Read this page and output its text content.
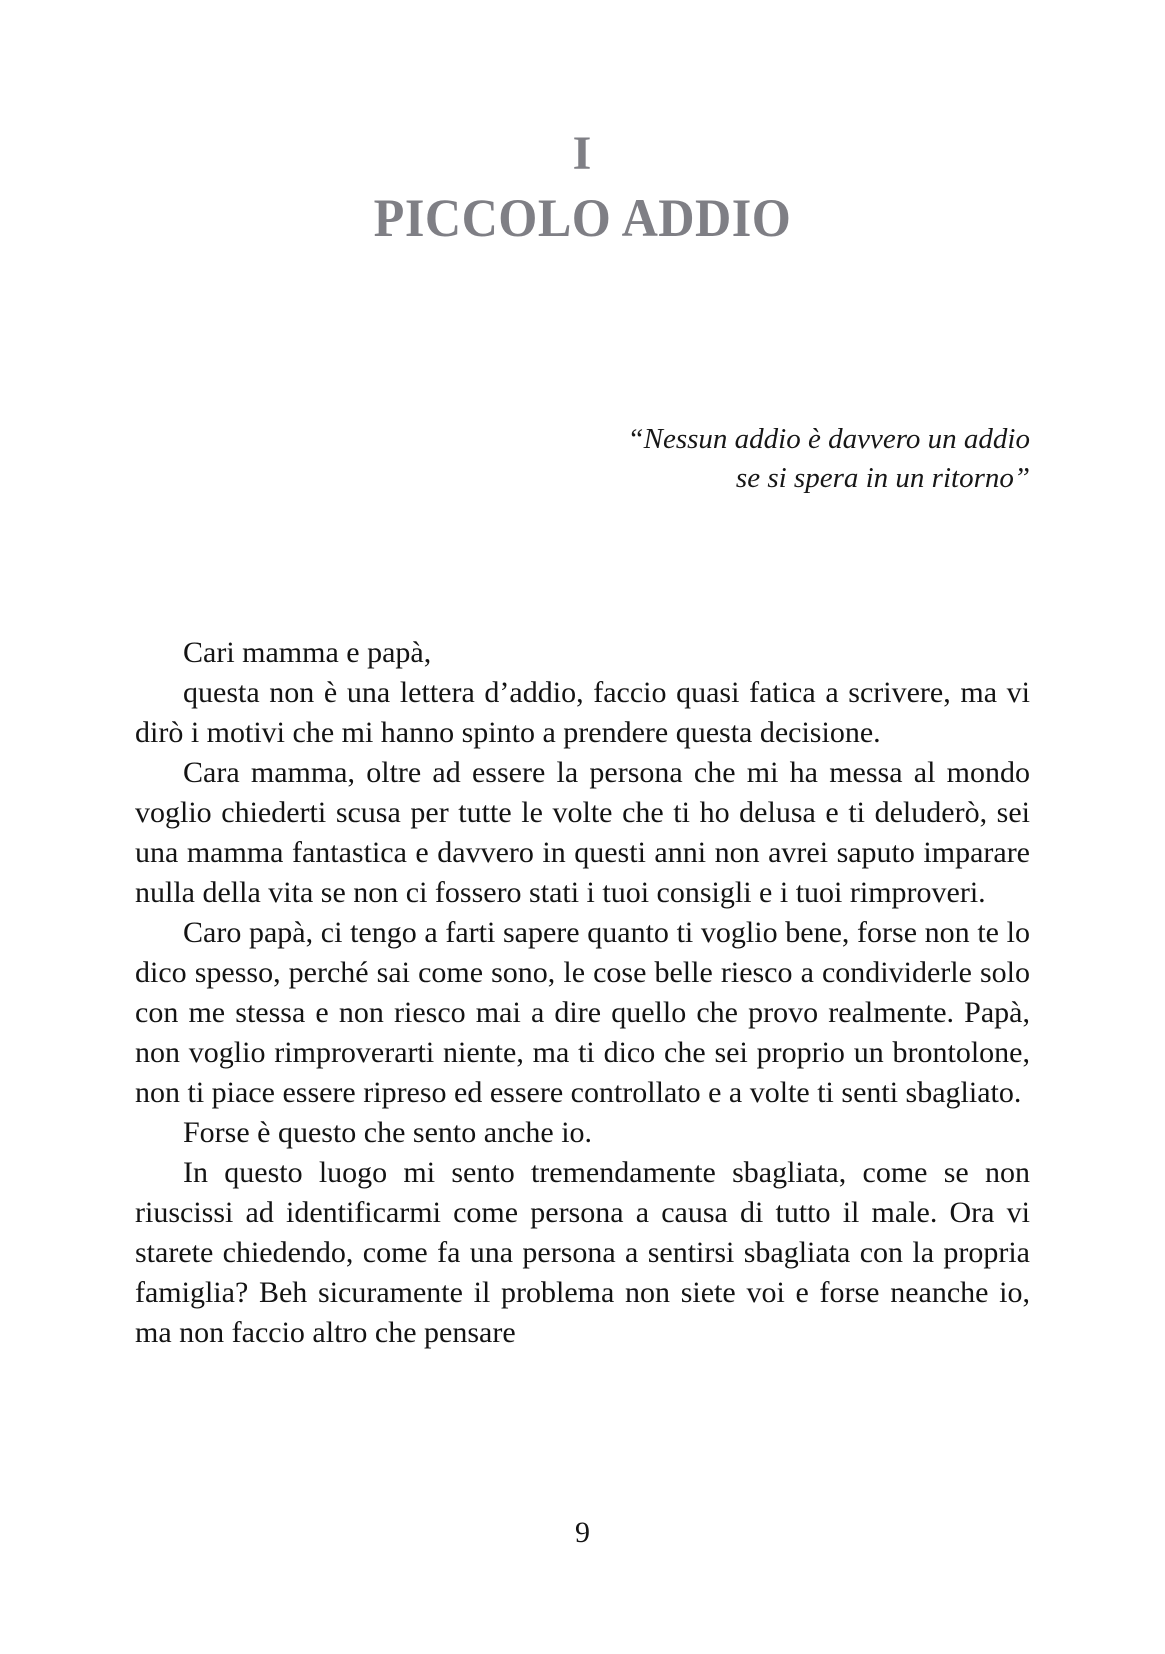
I
PICCOLO ADDIO
“Nessun addio è davvero un addio
se si spera in un ritorno”

Cari mamma e papà,

questa non è una lettera d’addio, faccio quasi fatica a scrivere, ma vi dirò i motivi che mi hanno spinto a prendere questa decisione.

Cara mamma, oltre ad essere la persona che mi ha messa al mondo voglio chiederti scusa per tutte le volte che ti ho delusa e ti deluderò, sei una mamma fantastica e davvero in questi anni non avrei saputo imparare nulla della vita se non ci fossero stati i tuoi consigli e i tuoi rimproveri.

Caro papà, ci tengo a farti sapere quanto ti voglio bene, forse non te lo dico spesso, perché sai come sono, le cose belle riesco a condividerle solo con me stessa e non riesco mai a dire quello che provo realmente. Papà, non voglio rimproverarti niente, ma ti dico che sei proprio un brontolone, non ti piace essere ripreso ed essere controllato e a volte ti senti sbagliato.

Forse è questo che sento anche io.

In questo luogo mi sento tremendamente sbagliata, come se non riuscissi ad identificarmi come persona a causa di tutto il male. Ora vi starete chiedendo, come fa una persona a sentirsi sbagliata con la propria famiglia? Beh sicuramente il problema non siete voi e forse neanche io, ma non faccio altro che pensare

9
